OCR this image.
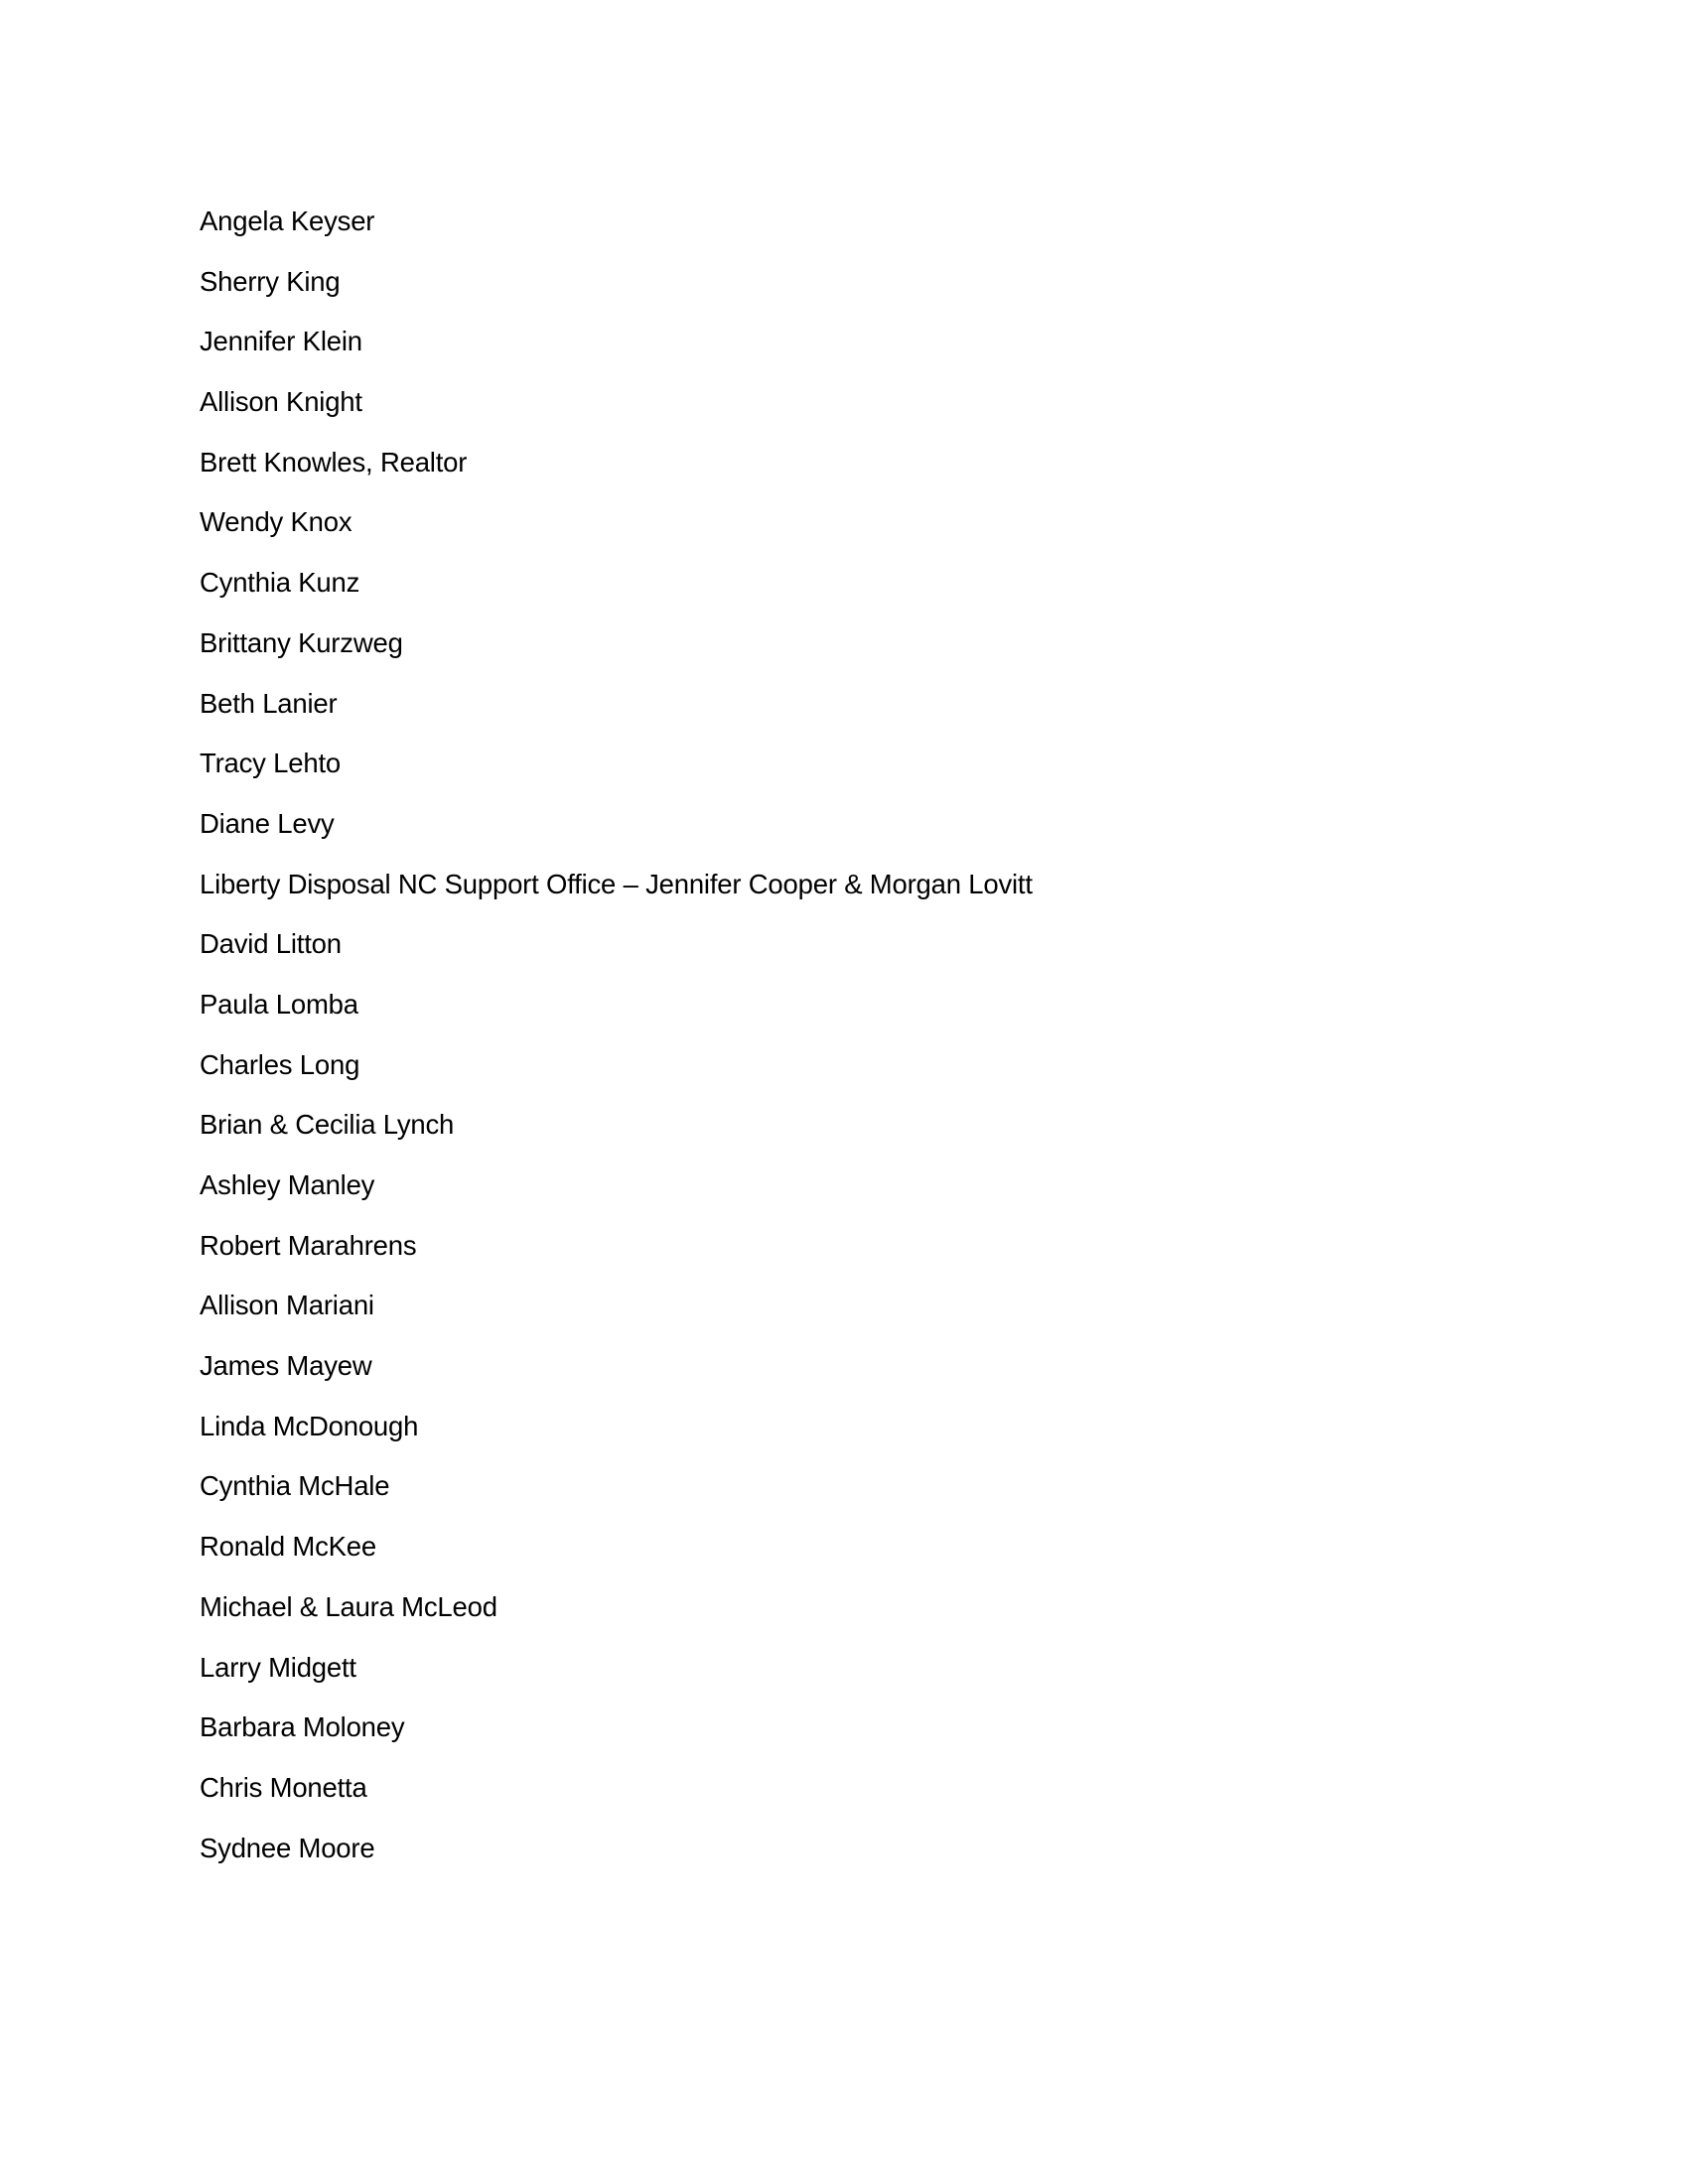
Angela Keyser
Sherry King
Jennifer Klein
Allison Knight
Brett Knowles, Realtor
Wendy Knox
Cynthia Kunz
Brittany Kurzweg
Beth Lanier
Tracy Lehto
Diane Levy
Liberty Disposal NC Support Office – Jennifer Cooper & Morgan Lovitt
David Litton
Paula Lomba
Charles Long
Brian & Cecilia Lynch
Ashley Manley
Robert Marahrens
Allison Mariani
James Mayew
Linda McDonough
Cynthia McHale
Ronald McKee
Michael & Laura McLeod
Larry Midgett
Barbara Moloney
Chris Monetta
Sydnee Moore
